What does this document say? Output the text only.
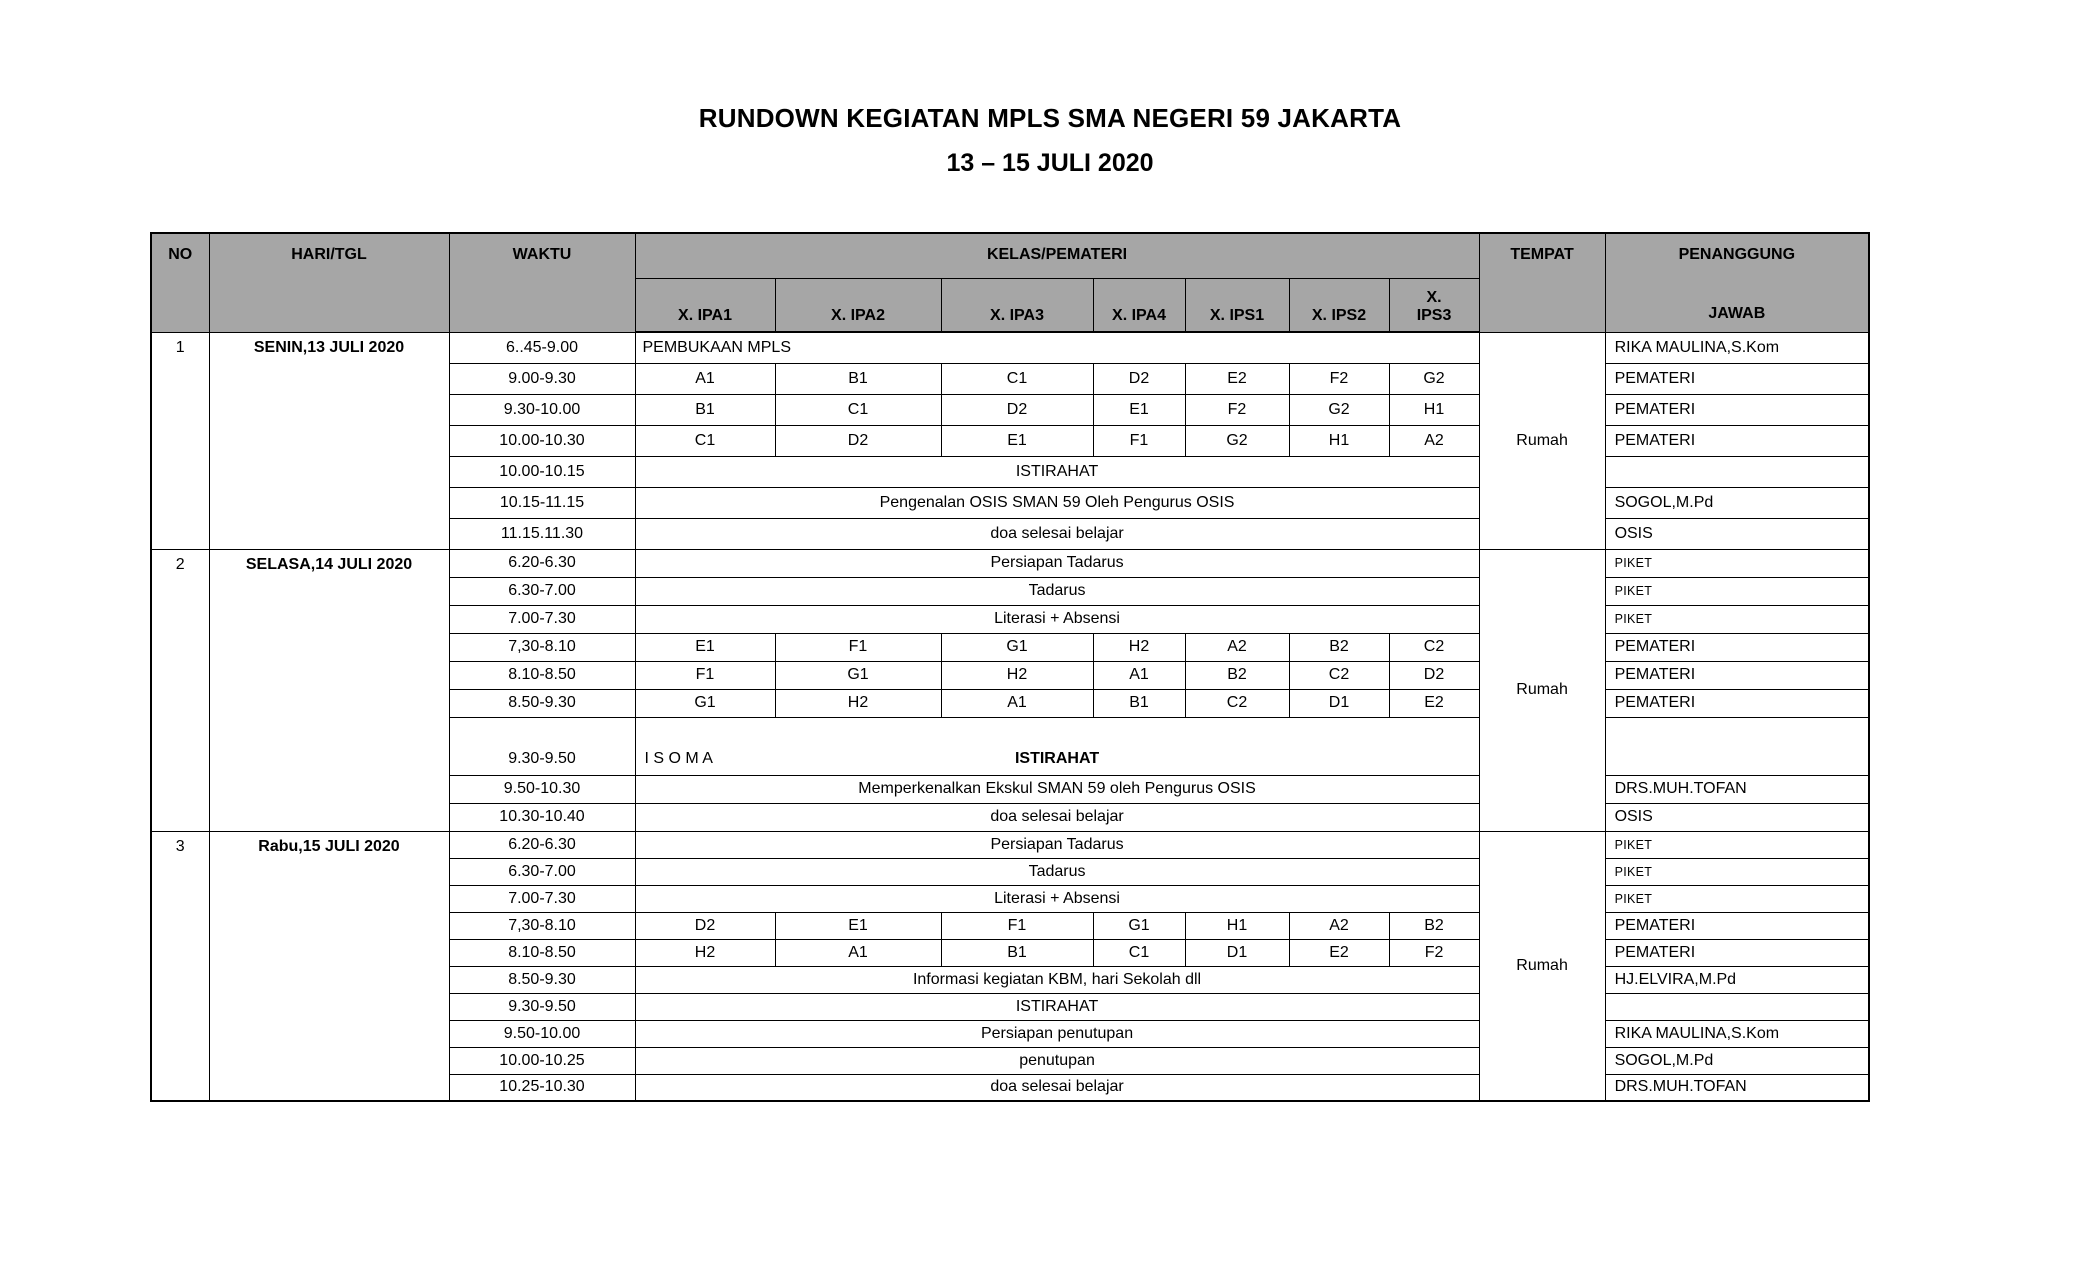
RUNDOWN KEGIATAN MPLS SMA NEGERI 59 JAKARTA
13 – 15 JULI 2020
NO	HARI/TGL	WAKTU	KELAS/PEMATERI							TEMPAT	PENANGGUNG
JAWAB

			X. IPA1	X. IPA2	X. IPA3	X. IPA4	X. IPS1	X. IPS2	X. IPS3		
1	SENIN,13 JULI 2020	6..45-9.00	PEMBUKAAN MPLS							Rumah	RIKA MAULINA,S.Kom
		9.00-9.30	A1	B1	C1	D2	E2	F2	G2		PEMATERI
		9.30-10.00	B1	C1	D2	E1	F2	G2	H1		PEMATERI
		10.00-10.30	C1	D2	E1	F1	G2	H1	A2		PEMATERI
		10.00-10.15	ISTIRAHAT								
		10.15-11.15	Pengenalan OSIS SMAN 59 Oleh Pengurus OSIS								SOGOL,M.Pd
		11.15.11.30	doa selesai belajar								OSIS
2	SELASA,14 JULI 2020	6.20-6.30	Persiapan Tadarus							Rumah	PIKET
		6.30-7.00	Tadarus								PIKET
		7.00-7.30	Literasi + Absensi								PIKET
		7,30-8.10	E1	F1	G1	H2	A2	B2	C2		PEMATERI
		8.10-8.50	F1	G1	H2	A1	B2	C2	D2		PEMATERI
		8.50-9.30	G1	H2	A1	B1	C2	D1	E2		PEMATERI
		9.30-9.50	I S O M A ISTIRAHAT								

		9.50-10.30	Memperkenalkan Ekskul SMAN 59 oleh Pengurus OSIS								DRS.MUH.TOFAN
		10.30-10.40	doa selesai belajar								OSIS
3	Rabu,15 JULI 2020	6.20-6.30	Persiapan Tadarus							Rumah	PIKET
		6.30-7.00	Tadarus								PIKET
		7.00-7.30	Literasi + Absensi								PIKET
		7,30-8.10	D2	E1	F1	G1	H1	A2	B2		PEMATERI
		8.10-8.50	H2	A1	B1	C1	D1	E2	F2		PEMATERI
		8.50-9.30	Informasi kegiatan KBM, hari Sekolah dll								HJ.ELVIRA,M.Pd
		9.30-9.50	ISTIRAHAT								
		9.50-10.00	Persiapan penutupan								RIKA MAULINA,S.Kom
		10.00-10.25	penutupan								SOGOL,M.Pd
		10.25-10.30	doa selesai belajar								DRS.MUH.TOFAN
